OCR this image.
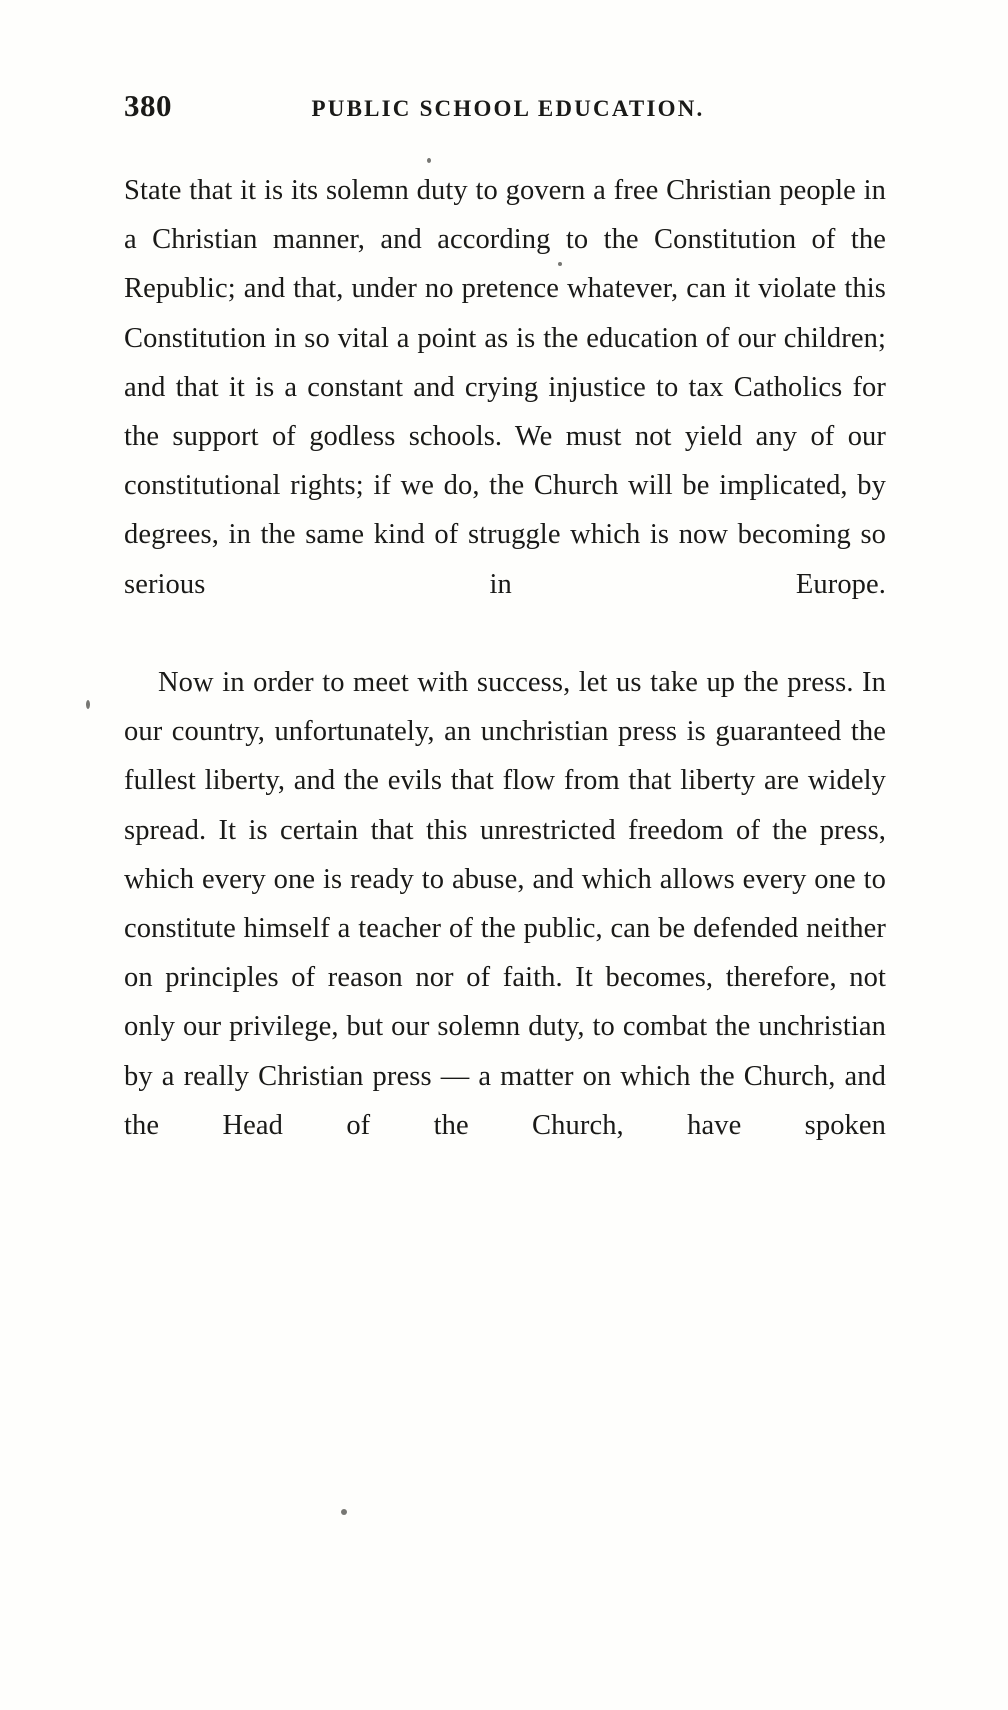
380	PUBLIC SCHOOL EDUCATION.

State that it is its solemn duty to govern a free Christian people in a Christian manner, and according to the Constitution of the Republic; and that, under no pretence whatever, can it violate this Constitution in so vital a point as is the education of our children; and that it is a constant and crying injustice to tax Catholics for the support of godless schools. We must not yield any of our constitutional rights; if we do, the Church will be implicated, by degrees, in the same kind of struggle which is now becoming so serious in Europe.

Now in order to meet with success, let us take up the press. In our country, unfortunately, an unchristian press is guaranteed the fullest liberty, and the evils that flow from that liberty are widely spread. It is certain that this unrestricted freedom of the press, which every one is ready to abuse, and which allows every one to constitute himself a teacher of the public, can be defended neither on principles of reason nor of faith. It becomes, therefore, not only our privilege, but our solemn duty, to combat the unchristian by a really Christian press — a matter on which the Church, and the Head of the Church, have spoken
